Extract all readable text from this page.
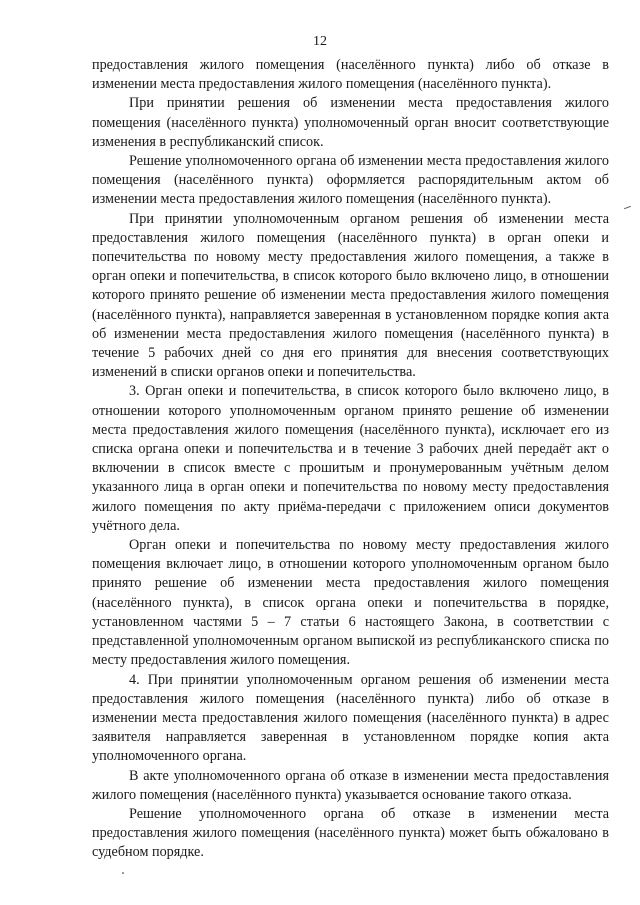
12

предоставления жилого помещения (населённого пункта) либо об отказе в изменении места предоставления жилого помещения (населённого пункта).

При принятии решения об изменении места предоставления жилого помещения (населённого пункта) уполномоченный орган вносит соответствующие изменения в республиканский список.

Решение уполномоченного органа об изменении места предоставления жилого помещения (населённого пункта) оформляется распорядительным актом об изменении места предоставления жилого помещения (населённого пункта).

При принятии уполномоченным органом решения об изменении места предоставления жилого помещения (населённого пункта) в орган опеки и попечительства по новому месту предоставления жилого помещения, а также в орган опеки и попечительства, в список которого было включено лицо, в отношении которого принято решение об изменении места предоставления жилого помещения (населённого пункта), направляется заверенная в установленном порядке копия акта об изменении места предоставления жилого помещения (населённого пункта) в течение 5 рабочих дней со дня его принятия для внесения соответствующих изменений в списки органов опеки и попечительства.

3. Орган опеки и попечительства, в список которого было включено лицо, в отношении которого уполномоченным органом принято решение об изменении места предоставления жилого помещения (населённого пункта), исключает его из списка органа опеки и попечительства и в течение 3 рабочих дней передаёт акт о включении в список вместе с прошитым и пронумерованным учётным делом указанного лица в орган опеки и попечительства по новому месту предоставления жилого помещения по акту приёма-передачи с приложением описи документов учётного дела.

Орган опеки и попечительства по новому месту предоставления жилого помещения включает лицо, в отношении которого уполномоченным органом было принято решение об изменении места предоставления жилого помещения (населённого пункта), в список органа опеки и попечительства в порядке, установленном частями 5 – 7 статьи 6 настоящего Закона, в соответствии с представленной уполномоченным органом выпиской из республиканского списка по месту предоставления жилого помещения.

4. При принятии уполномоченным органом решения об изменении места предоставления жилого помещения (населённого пункта) либо об отказе в изменении места предоставления жилого помещения (населённого пункта) в адрес заявителя направляется заверенная в установленном порядке копия акта уполномоченного органа.

В акте уполномоченного органа об отказе в изменении места предоставления жилого помещения (населённого пункта) указывается основание такого отказа.

Решение уполномоченного органа об отказе в изменении места предоставления жилого помещения (населённого пункта) может быть обжаловано в судебном порядке.
